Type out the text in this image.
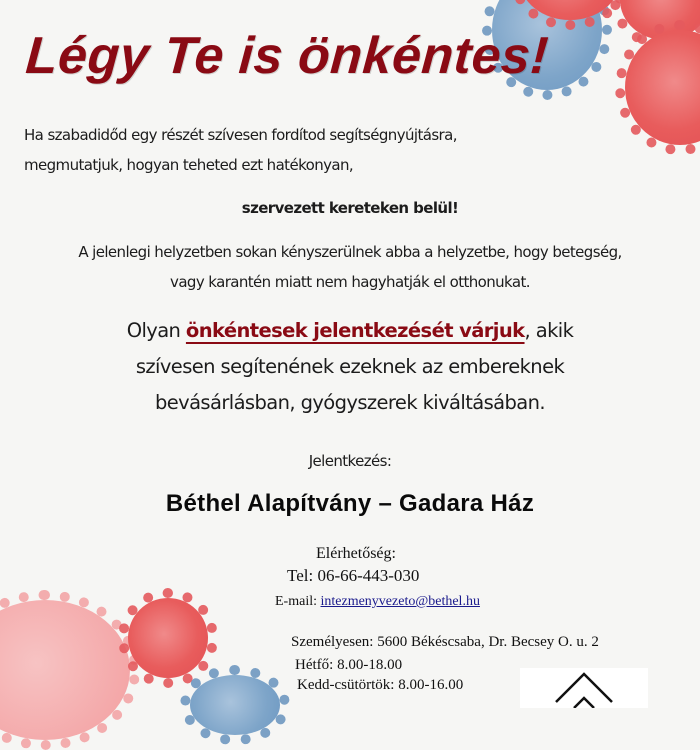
Légy Te is önkéntes!

Ha szabadidőd egy részét szívesen fordítod segítségnyújtásra,
megmutatjuk, hogyan teheted ezt hatékonyan,

szervezett kereteken belül!

A jelenlegi helyzetben sokan kényszerülnek abba a helyzetbe, hogy betegség,
vagy karantén miatt nem hagyhatják el otthonukat.

Olyan önkéntesek jelentkezését várjuk, akik
szívesen segítenének ezeknek az embereknek
bevásárlásban, gyógyszerek kiváltásában.

Jelentkezés:

Béthel Alapítvány – Gadara Ház

Elérhetőség:

Tel: 06-66-443-030

E-mail: intezmenyvezeto@bethel.hu

Személyesen: 5600 Békéscsaba, Dr. Becsey O. u. 2

Hétfő: 8.00-18.00

Kedd-csütörtök: 8.00-16.00
